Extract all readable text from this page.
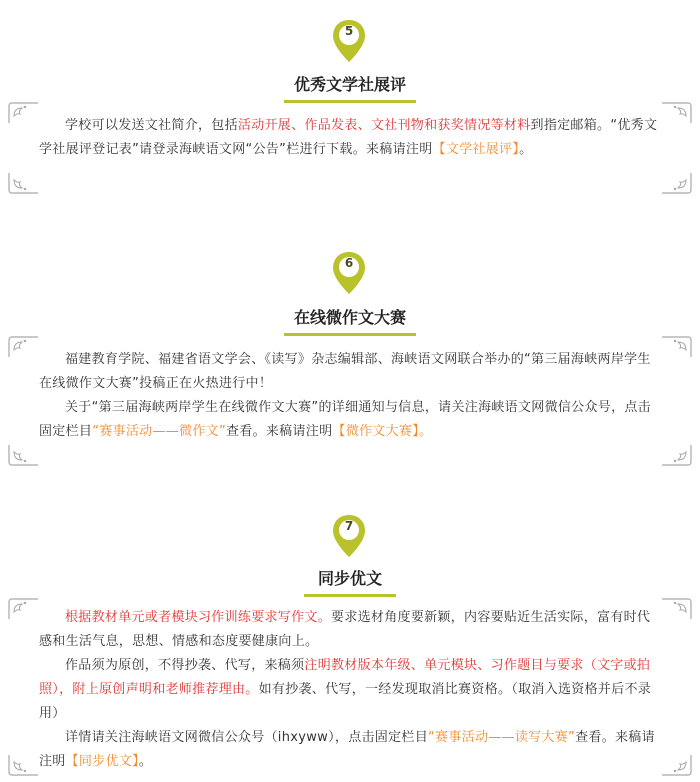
5
优秀文学社展评

学校可以发送文社简介，包括活动开展、作品发表、文社刊物和获奖情况等材料到指定邮箱。“优秀文学社展评登记表”请登录海峡语文网“公告”栏进行下载。来稿请注明【文学社展评】。

6
在线微作文大赛

福建教育学院、福建省语文学会、《读写》杂志编辑部、海峡语文网联合举办的“第三届海峡两岸学生在线微作文大赛”投稿正在火热进行中！

关于“第三届海峡两岸学生在线微作文大赛”的详细通知与信息，请关注海峡语文网微信公众号，点击固定栏目“赛事活动——微作文”查看。来稿请注明【微作文大赛】。

7
同步优文

根据教材单元或者模块习作训练要求写作文。要求选材角度要新颖，内容要贴近生活实际，富有时代感和生活气息，思想、情感和态度要健康向上。

作品须为原创，不得抄袭、代写，来稿须注明教材版本年级、单元模块、习作题目与要求（文字或拍照），附上原创声明和老师推荐理由。如有抄袭、代写，一经发现取消比赛资格。（取消入选资格并后不录用）

详情请关注海峡语文网微信公众号（ihxyww），点击固定栏目“赛事活动——读写大赛”查看。来稿请注明【同步优文】。
